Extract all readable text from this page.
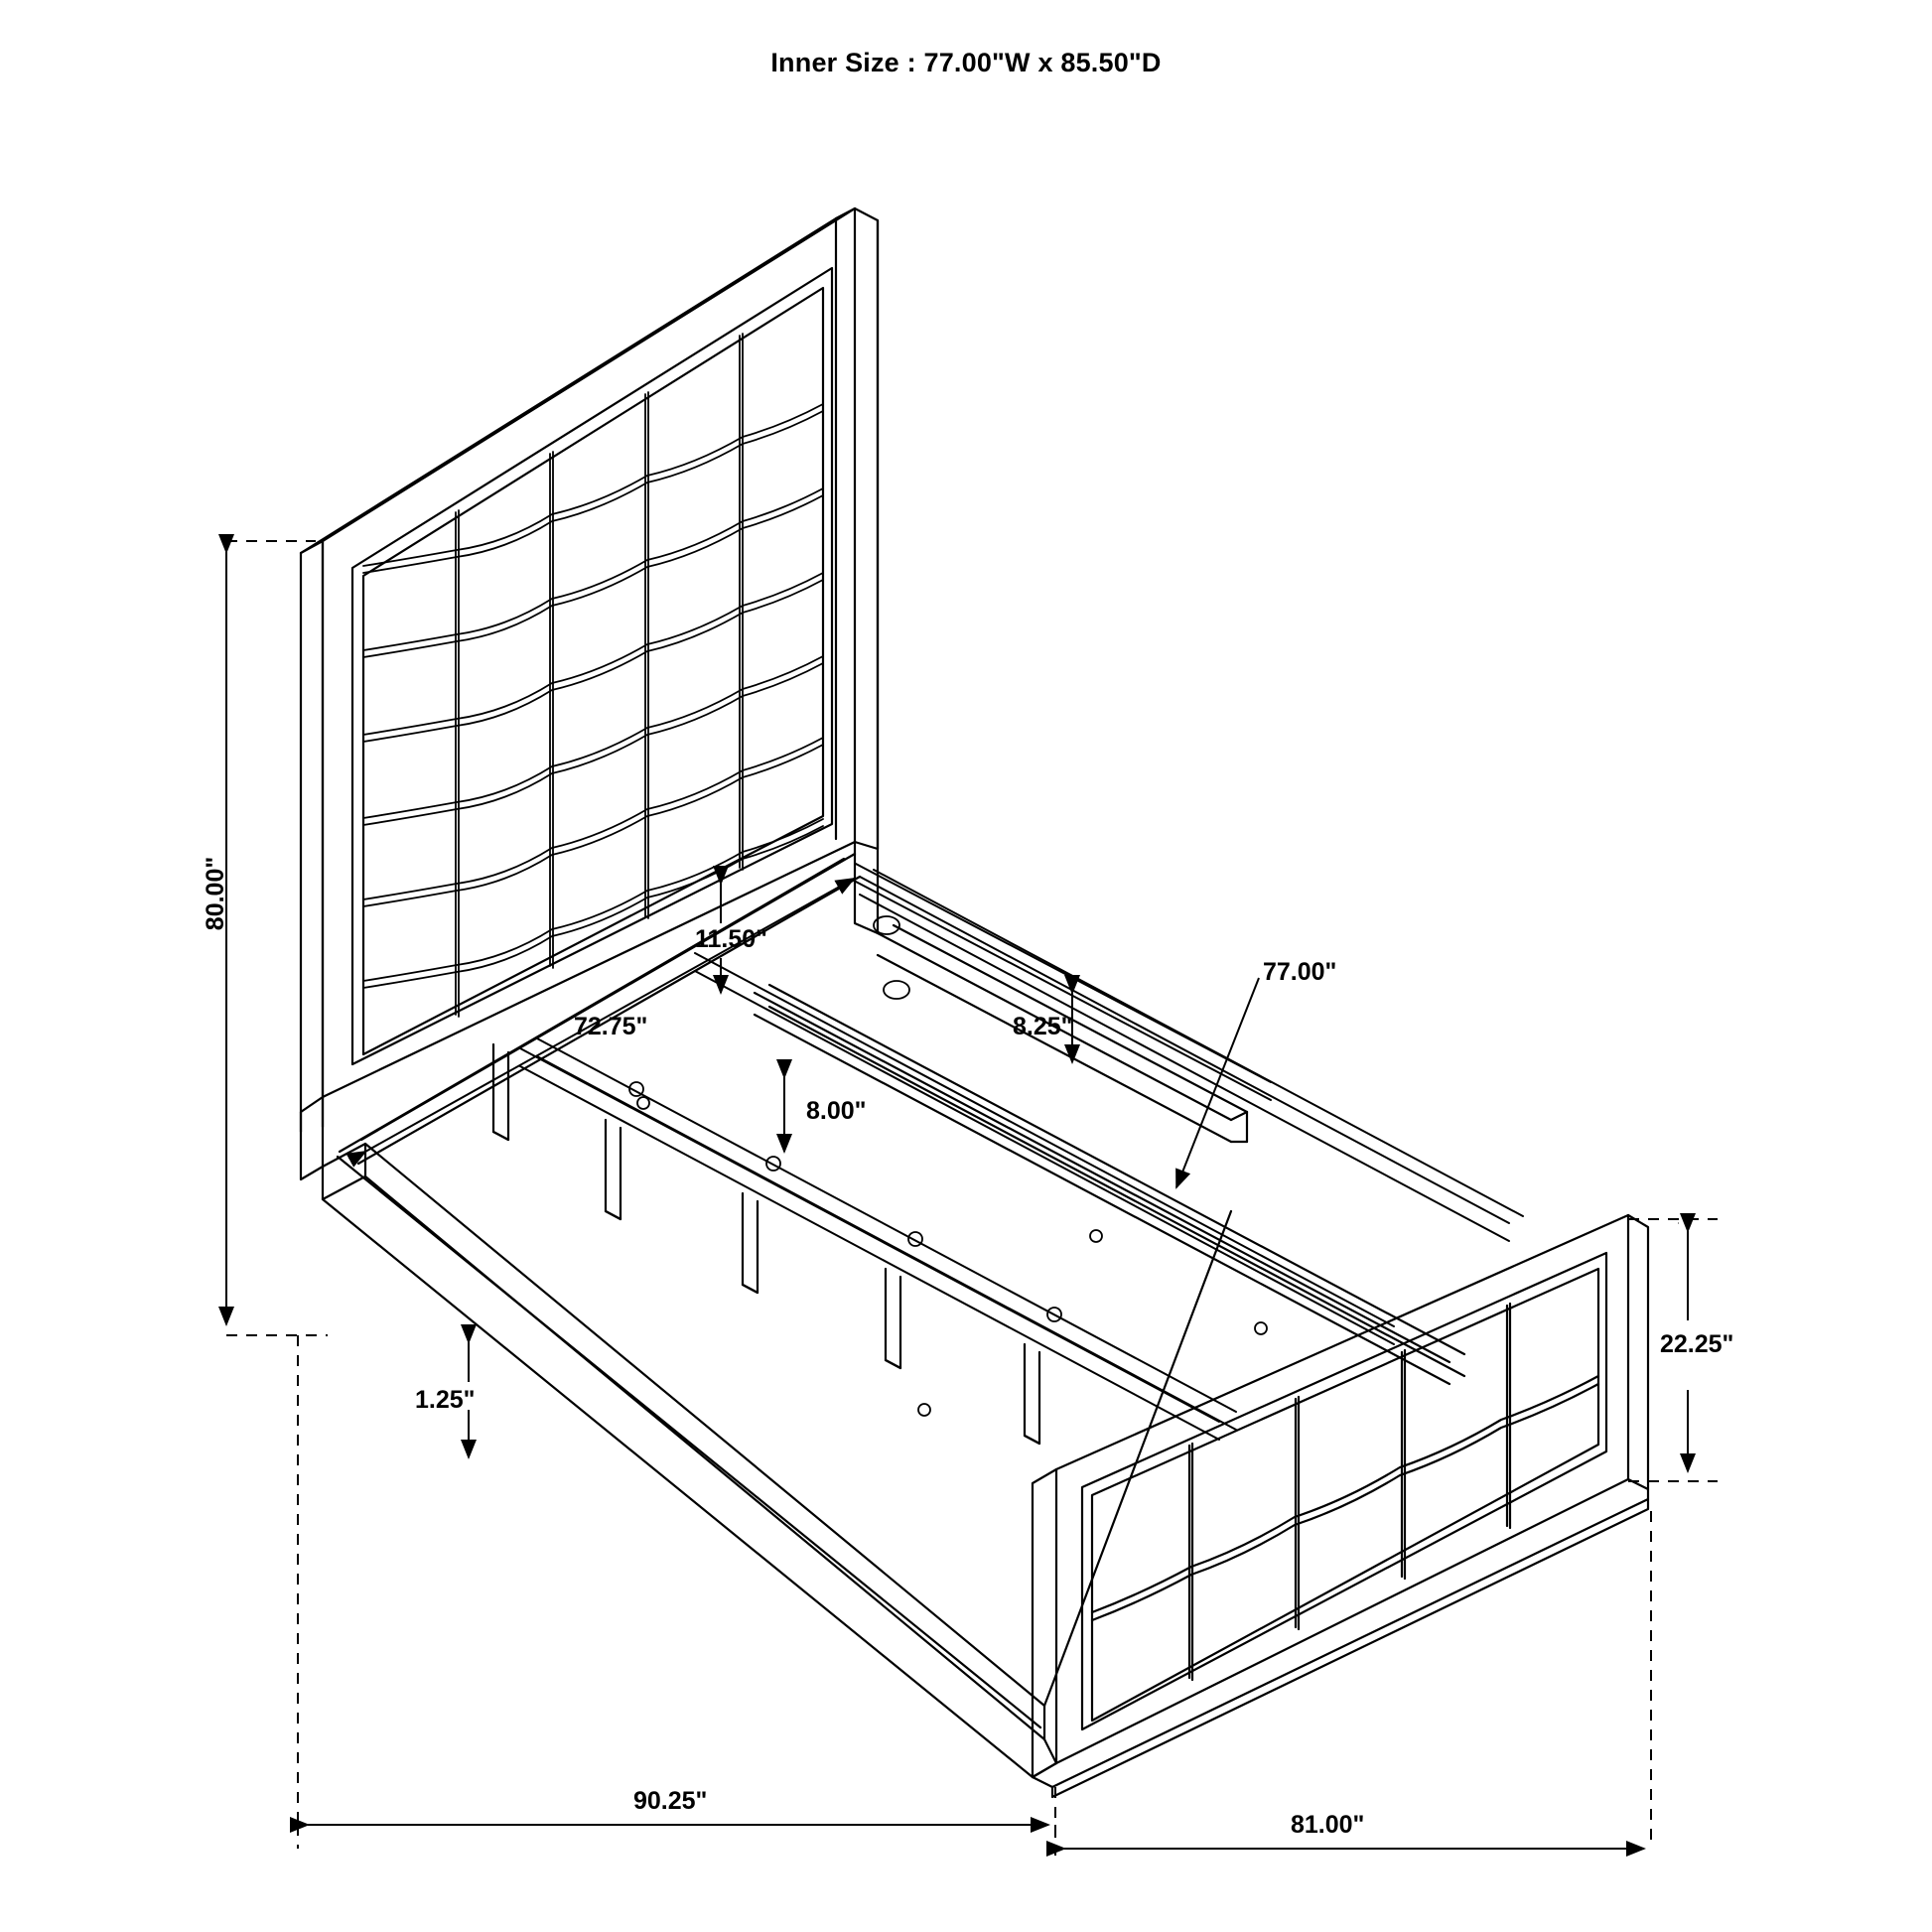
Inner Size : 77.00"W x 85.50"D
80.00"
72.75"
11.50"
8.00"
8.25"
77.00"
22.25"
1.25"
90.25"
81.00"
